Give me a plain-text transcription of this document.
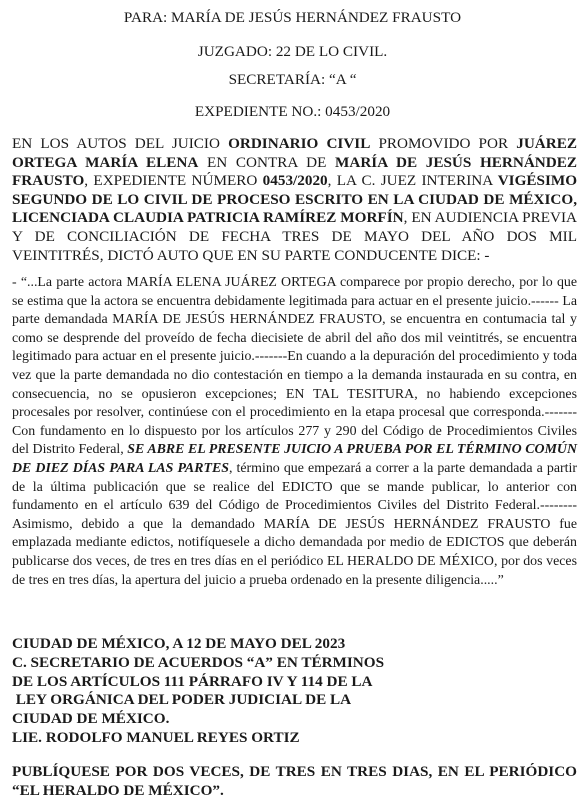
PARA: MARÍA DE JESÚS HERNÁNDEZ FRAUSTO
JUZGADO: 22 DE LO CIVIL.
SECRETARÍA: “A “
EXPEDIENTE NO.: 0453/2020
EN LOS AUTOS DEL JUICIO ORDINARIO CIVIL PROMOVIDO POR JUÁREZ ORTEGA MARÍA ELENA EN CONTRA DE MARÍA DE JESÚS HERNÁNDEZ FRAUSTO, EXPEDIENTE NÚMERO 0453/2020, LA C. JUEZ INTERINA VIGÉSIMO SEGUNDO DE LO CIVIL DE PROCESO ESCRITO EN LA CIUDAD DE MÉXICO, LICENCIADA CLAUDIA PATRICIA RAMÍREZ MORFÍN, EN AUDIENCIA PREVIA Y DE CONCILIACIÓN DE FECHA TRES DE MAYO DEL AÑO DOS MIL VEINTITRÉS, DICTÓ AUTO QUE EN SU PARTE CONDUCENTE DICE: -
- “...La parte actora MARÍA ELENA JUÁREZ ORTEGA comparece por propio derecho, por lo que se estima que la actora se encuentra debidamente legitimada para actuar en el presente juicio.------ La parte demandada MARÍA DE JESÚS HERNÁNDEZ FRAUSTO, se encuentra en contumacia tal y como se desprende del proveído de fecha diecisiete de abril del año dos mil veintitrés, se encuentra legitimado para actuar en el presente juicio.-------En cuando a la depuración del procedimiento y toda vez que la parte demandada no dio contestación en tiempo a la demanda instaurada en su contra, en consecuencia, no se opusieron excepciones; EN TAL TESITURA, no habiendo excepciones procesales por resolver, continúese con el procedimiento en la etapa procesal que corresponda.------- Con fundamento en lo dispuesto por los artículos 277 y 290 del Código de Procedimientos Civiles del Distrito Federal, SE ABRE EL PRESENTE JUICIO A PRUEBA POR EL TÉRMINO COMÚN DE DIEZ DÍAS PARA LAS PARTES, término que empezará a correr a la parte demandada a partir de la última publicación que se realice del EDICTO que se mande publicar, lo anterior con fundamento en el artículo 639 del Código de Procedimientos Civiles del Distrito Federal.-------- Asimismo, debido a que la demandado MARÍA DE JESÚS HERNÁNDEZ FRAUSTO fue emplazada mediante edictos, notifíquesele a dicho demandada por medio de EDICTOS que deberán publicarse dos veces, de tres en tres días en el periódico EL HERALDO DE MÉXICO, por dos veces de tres en tres días, la apertura del juicio a prueba ordenado en la presente diligencia.....”
CIUDAD DE MÉXICO, A 12 DE MAYO DEL 2023
C. SECRETARIO DE ACUERDOS “A” EN TÉRMINOS
DE LOS ARTÍCULOS 111 PÁRRAFO IV Y 114 DE LA
LEY ORGÁNICA DEL PODER JUDICIAL DE LA
CIUDAD DE MÉXICO.
LIE. RODOLFO MANUEL REYES ORTIZ
PUBLÍQUESE POR DOS VECES, DE TRES EN TRES DIAS, EN EL PERIÓDICO “EL HERALDO DE MÉXICO”.
